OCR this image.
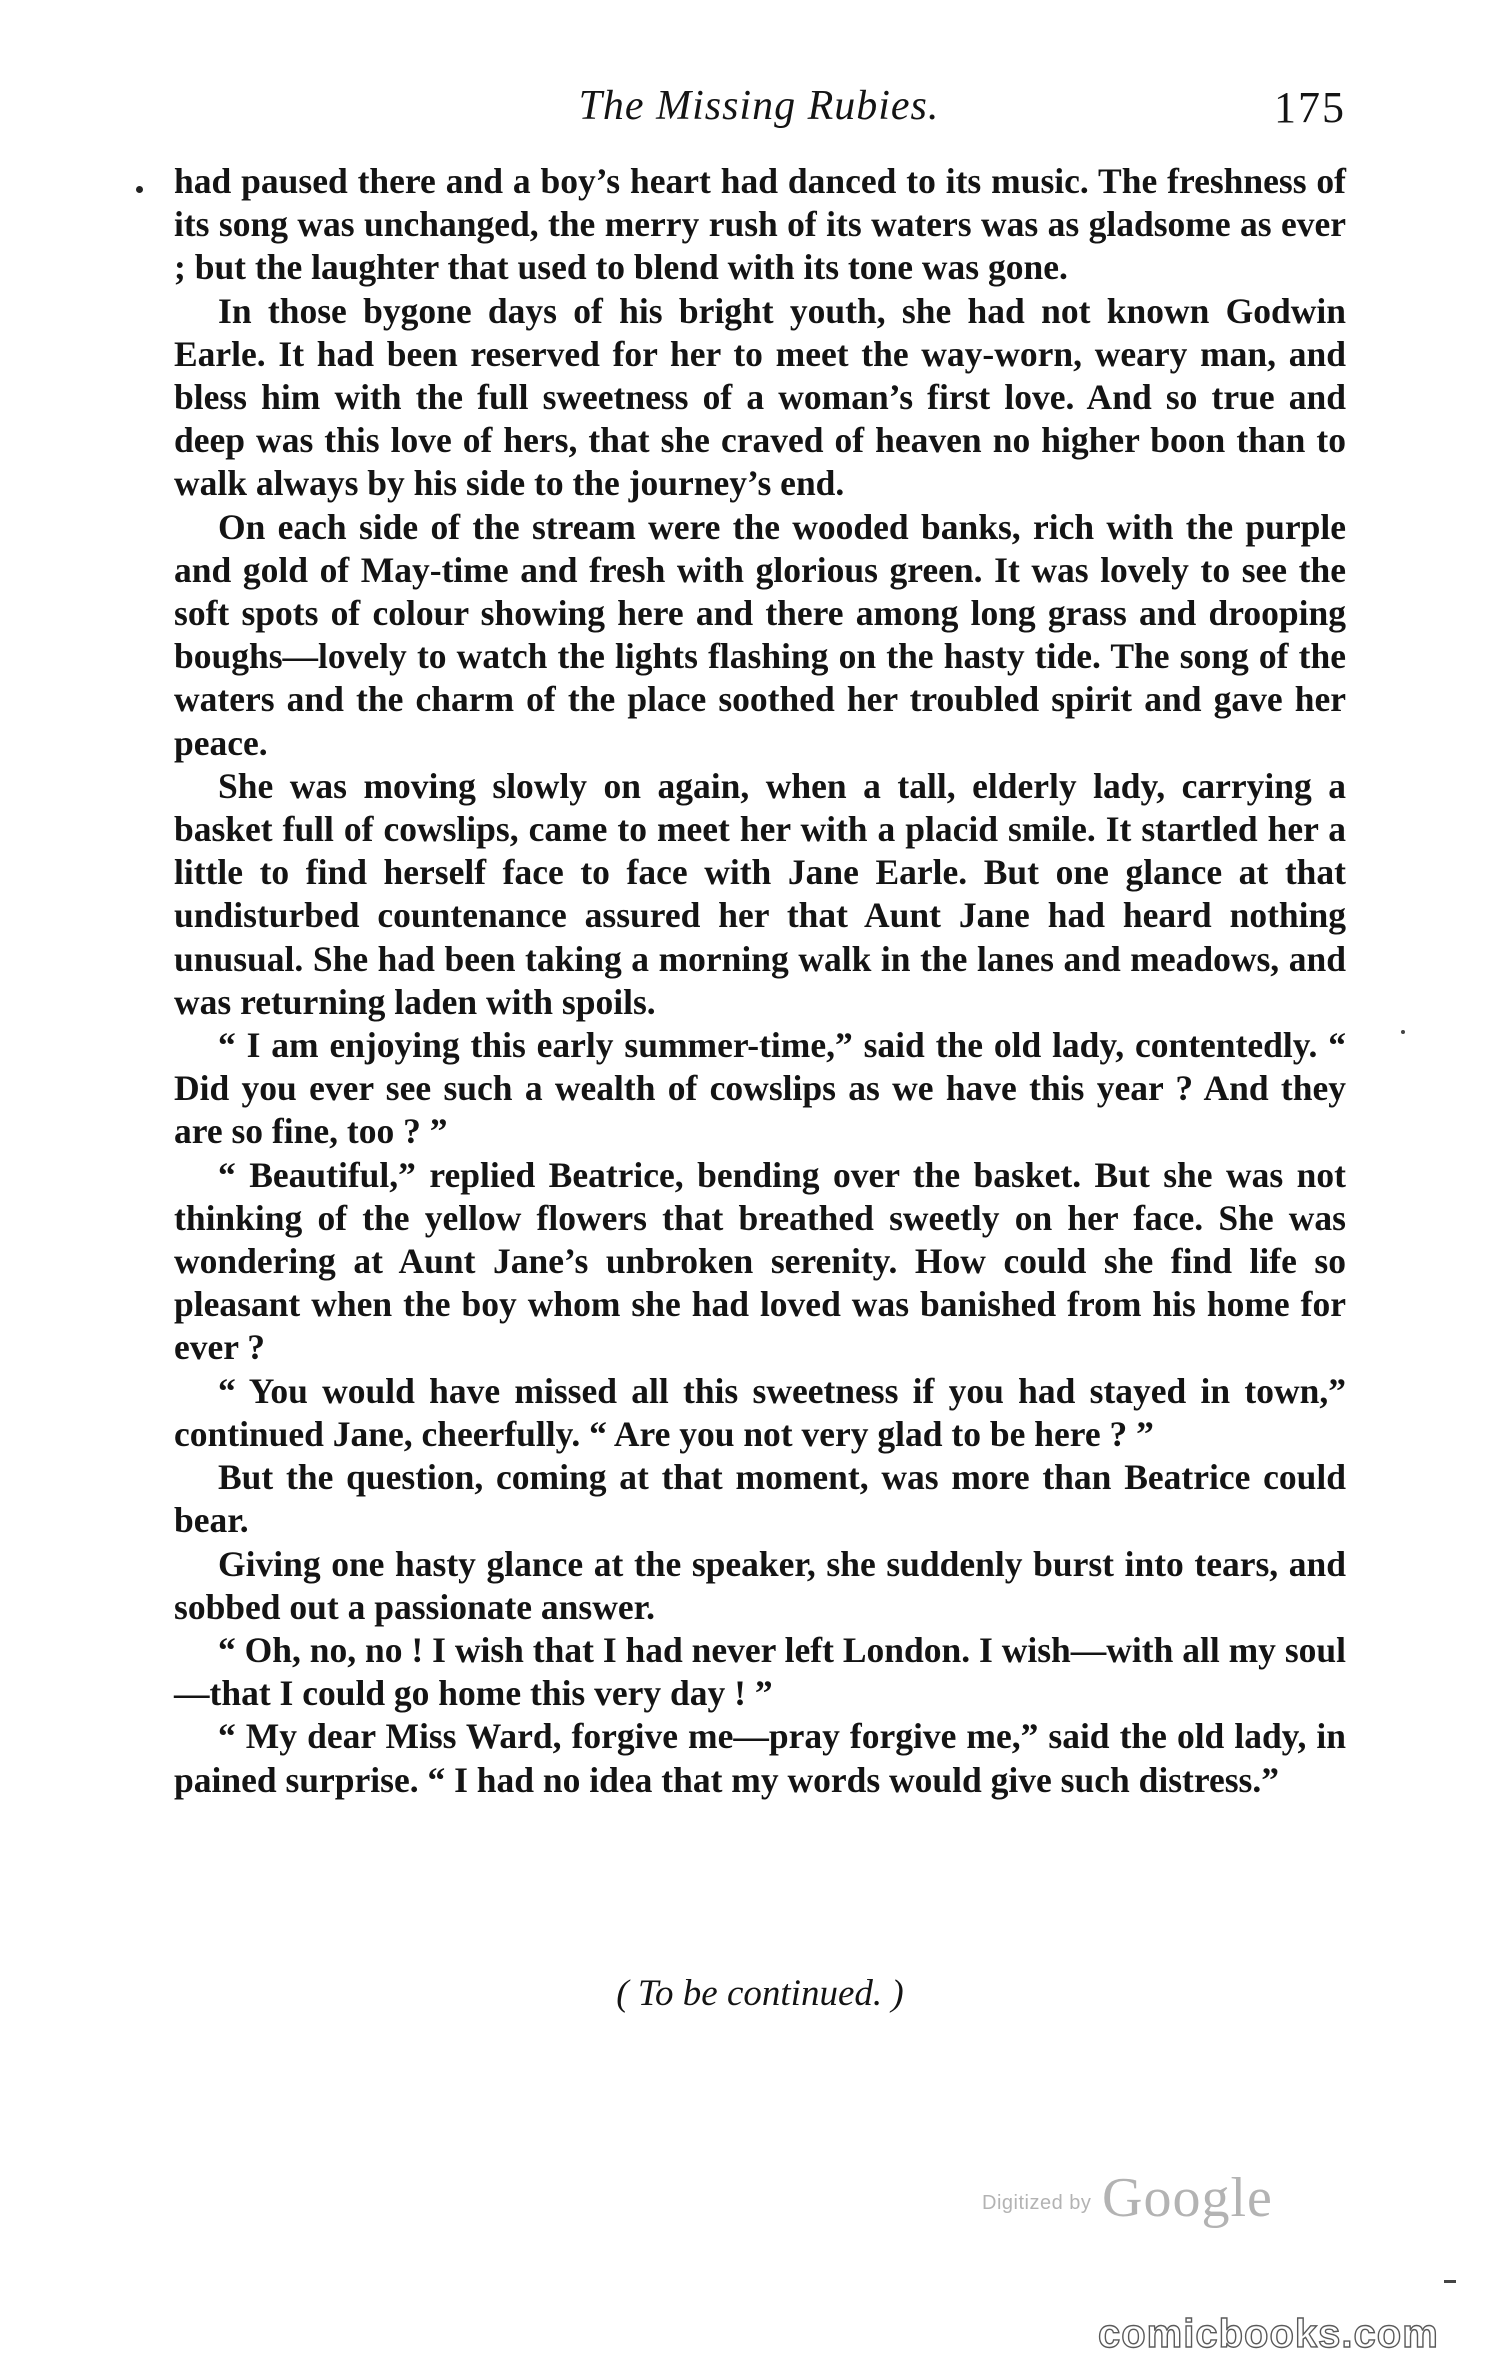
The Missing Rubies.	175

had paused there and a boy’s heart had danced to its music. The freshness of its song was unchanged, the merry rush of its waters was as gladsome as ever ; but the laughter that used to blend with its tone was gone.

In those bygone days of his bright youth, she had not known Godwin Earle. It had been reserved for her to meet the way-worn, weary man, and bless him with the full sweetness of a woman’s first love. And so true and deep was this love of hers, that she craved of heaven no higher boon than to walk always by his side to the journey’s end.

On each side of the stream were the wooded banks, rich with the purple and gold of May-time and fresh with glorious green. It was lovely to see the soft spots of colour showing here and there among long grass and drooping boughs—lovely to watch the lights flashing on the hasty tide. The song of the waters and the charm of the place soothed her troubled spirit and gave her peace.

She was moving slowly on again, when a tall, elderly lady, carrying a basket full of cowslips, came to meet her with a placid smile. It startled her a little to find herself face to face with Jane Earle. But one glance at that undisturbed countenance assured her that Aunt Jane had heard nothing unusual. She had been taking a morning walk in the lanes and meadows, and was returning laden with spoils.

“ I am enjoying this early summer-time,” said the old lady, contentedly. “ Did you ever see such a wealth of cowslips as we have this year ? And they are so fine, too ? ”

“ Beautiful,” replied Beatrice, bending over the basket. But she was not thinking of the yellow flowers that breathed sweetly on her face. She was wondering at Aunt Jane’s unbroken serenity. How could she find life so pleasant when the boy whom she had loved was banished from his home for ever ?

“ You would have missed all this sweetness if you had stayed in town,” continued Jane, cheerfully. “ Are you not very glad to be here ? ”

But the question, coming at that moment, was more than Beatrice could bear.

Giving one hasty glance at the speaker, she suddenly burst into tears, and sobbed out a passionate answer.

“ Oh, no, no ! I wish that I had never left London. I wish—with all my soul—that I could go home this very day ! ”

“ My dear Miss Ward, forgive me—pray forgive me,” said the old lady, in pained surprise. “ I had no idea that my words would give such distress.”

( To be continued. )
Digitized by Google
comicbooks.com
